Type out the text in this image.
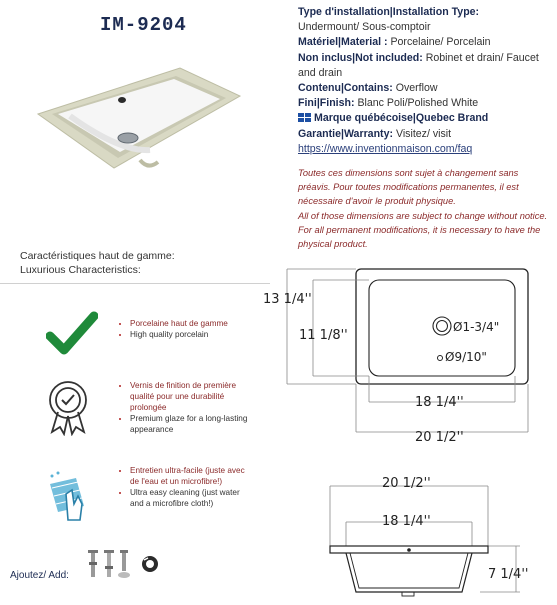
IM-9204
Type d'installation|Installation Type:
Undermount/ Sous-comptoir
Matériel|Material : Porcelaine/ Porcelain
Non inclus|Not included: Robinet et drain/ Faucet and drain
Contenu|Contains: Overflow
Fini|Finish: Blanc Poli/Polished White
Marque québécoise|Quebec Brand
Garantie|Warranty: Visitez/ visit
https://www.inventionmaison.com/faq

Toutes ces dimensions sont sujet à changement sans préavis. Pour toutes modifications permanentes, il est nécessaire d'avoir le produit physique.

All of those dimensions are subject to change without notice. For all permanent modifications, it is necessary to have the physical product.

Caractéristiques haut de gamme:
Luxurious Characteristics:
• Porcelaine haut de gamme
• High quality porcelain
• Vernis de finition de première qualité pour une durabilité prolongée
• Premium glaze for a long-lasting appearance
• Entretien ultra-facile (juste avec de l'eau et un microfibre!)
• Ultra easy cleaning (just water and a microfibre cloth!)
Ajoutez/ Add:
13 1/4''
11 1/8''
Ø1-3/4"
Ø9/10"
18 1/4''
20 1/2''
20 1/2''
18 1/4''
7 1/4''
